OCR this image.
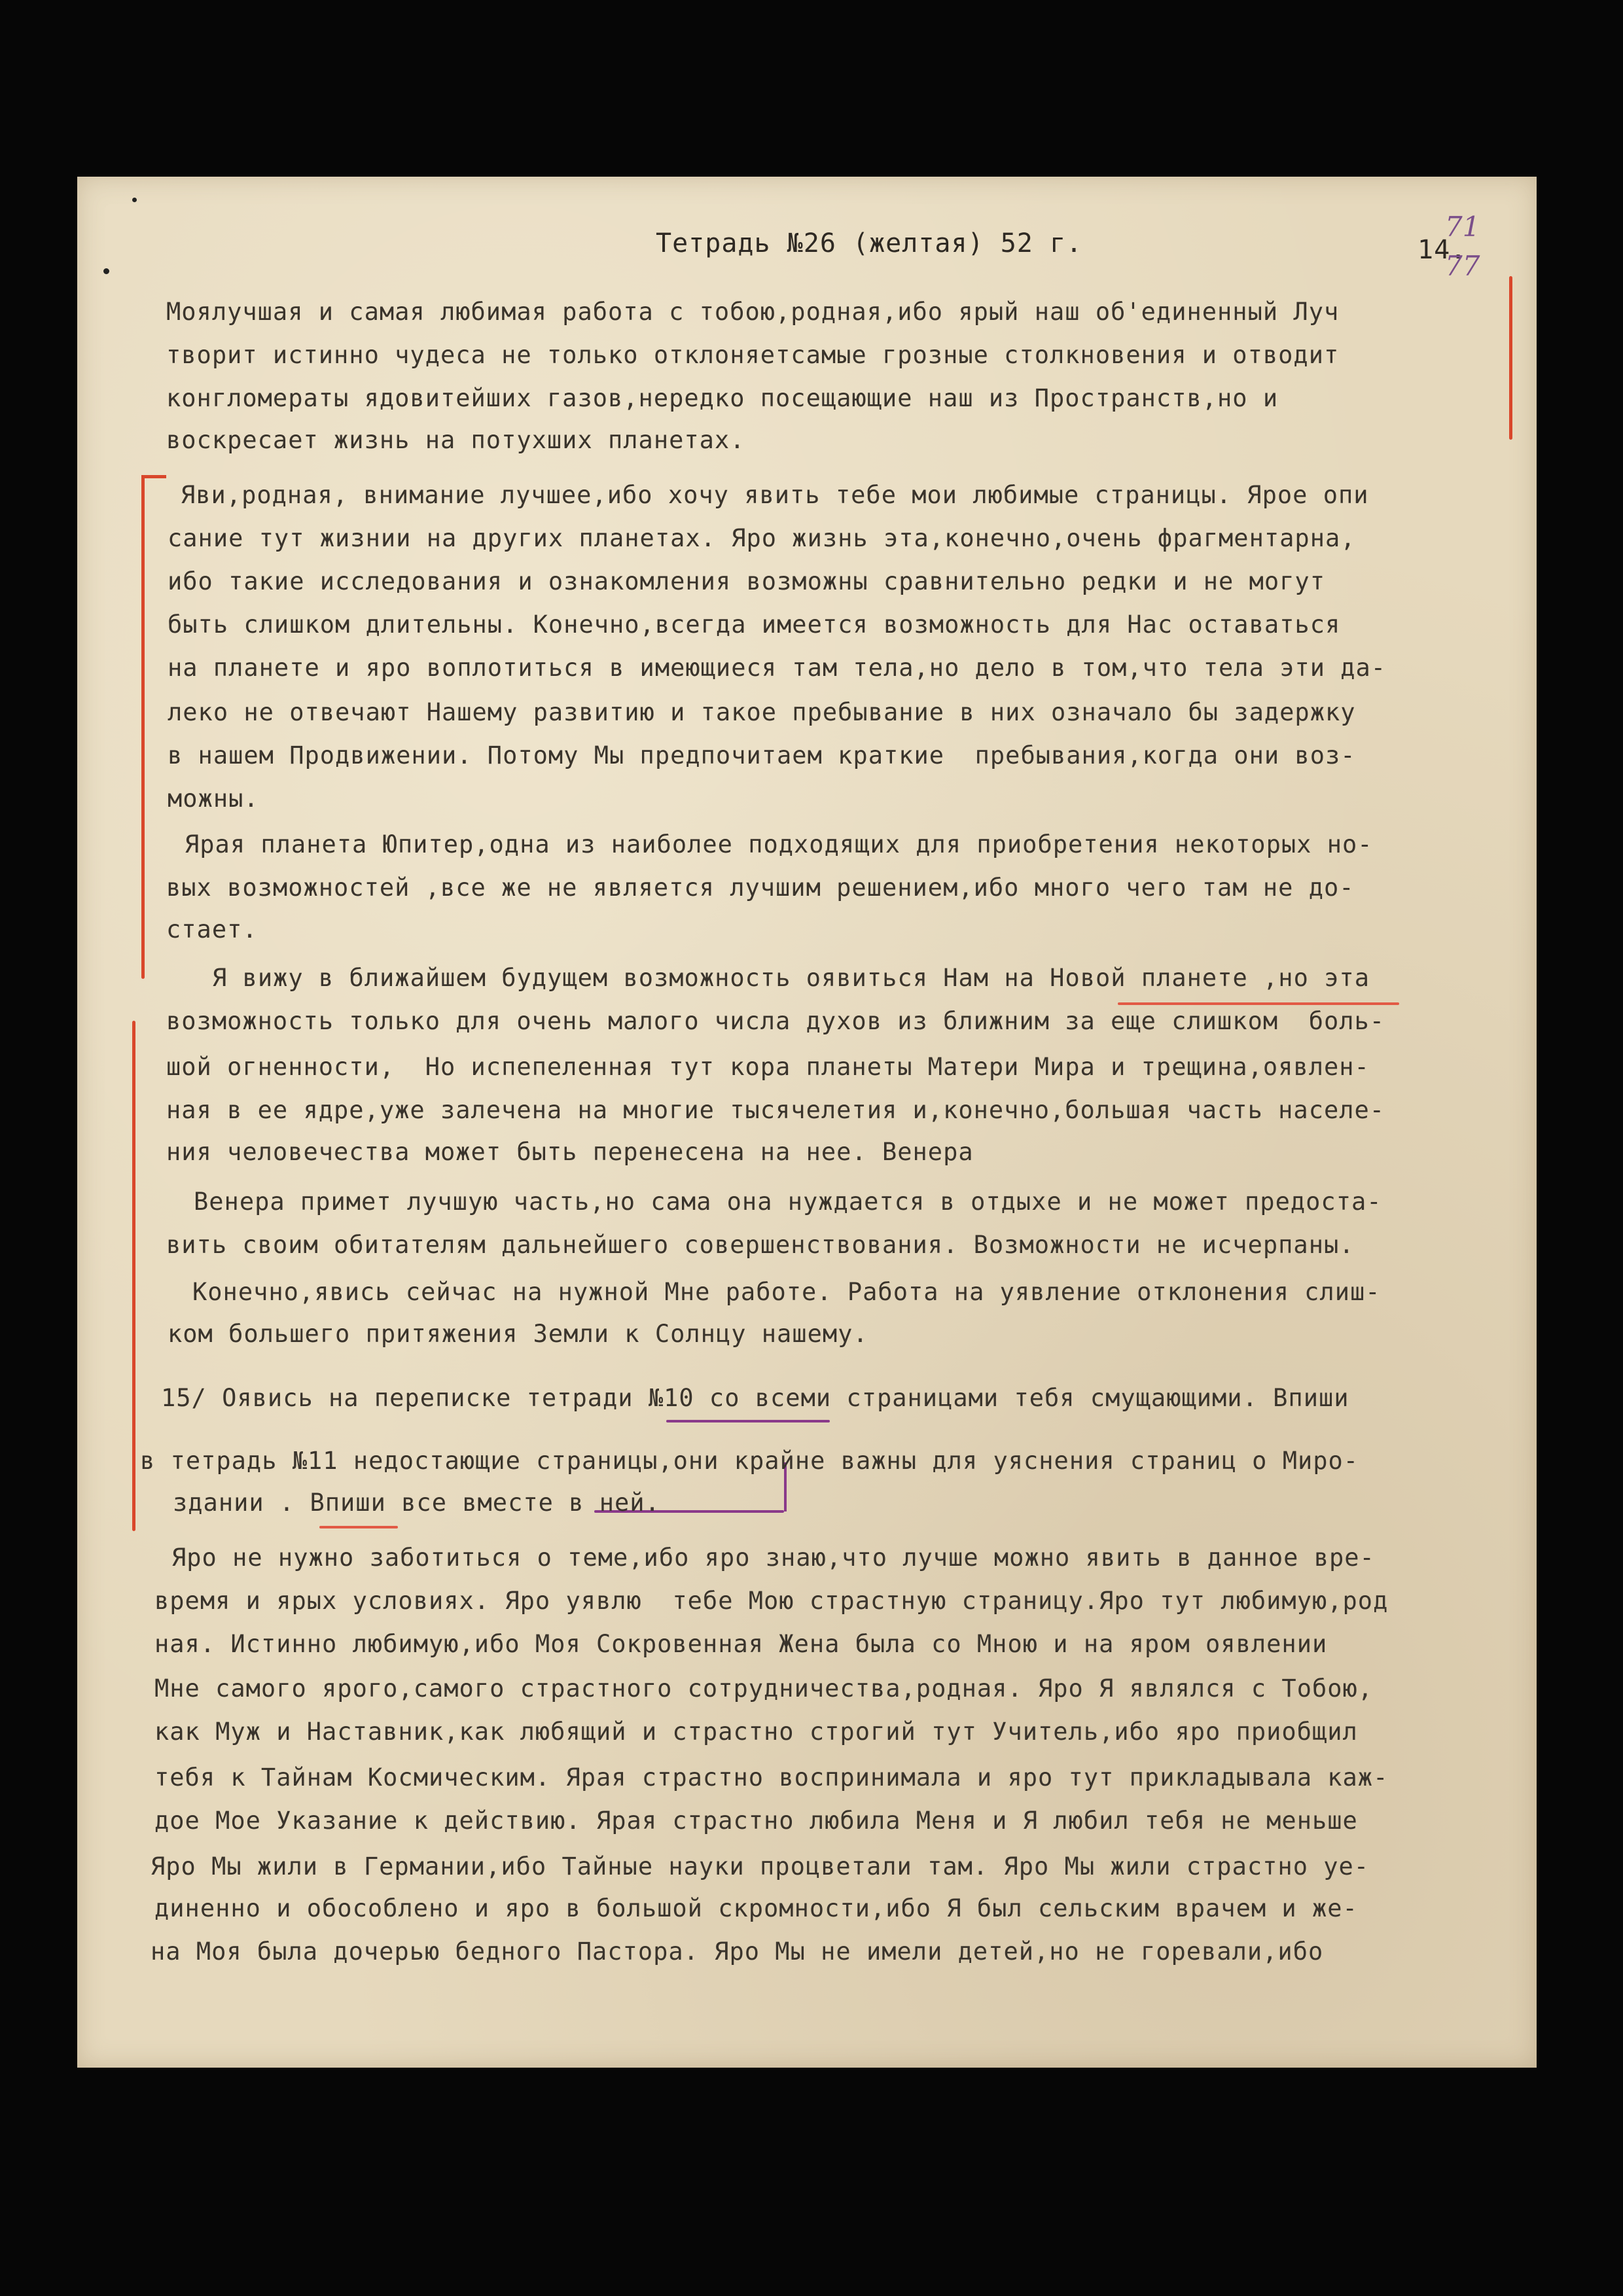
Тетрадь №26 (желтая) 52 г.	14.
71
77
Моялучшая и самая любимая работа с тобою,родная,ибо ярый наш об'единенный Луч
творит истинно чудеса не только отклоняетсамые грозные столкновения и отводит
конгломераты ядовитейших газов,нередко посещающие наш из Пространств,но и
воскресает жизнь на потухших планетах.
Яви,родная, внимание лучшее,ибо хочу явить тебе мои любимые страницы. Ярое опи
сание тут жизнии на других планетах. Яро жизнь эта,конечно,очень фрагментарна,
ибо такие исследования и ознакомления возможны сравнительно редки и не могут
быть слишком длительны. Конечно,всегда имеется возможность для Нас оставаться
на планете и яро воплотиться в имеющиеся там тела,но дело в том,что тела эти да-
леко не отвечают Нашему развитию и такое пребывание в них означало бы задержку
в нашем Продвижении. Потому Мы предпочитаем краткие  пребывания,когда они воз-
можны.
Ярая планета Юпитер,одна из наиболее подходящих для приобретения некоторых но-
вых возможностей ,все же не является лучшим решением,ибо много чего там не до-
стает.
Я вижу в ближайшем будущем возможность оявиться Нам на Новой планете ,но эта
возможность только для очень малого числа духов из ближним за еще слишком  боль-
шой огненности,  Но испепеленная тут кора планеты Матери Мира и трещина,оявлен-
ная в ее ядре,уже залечена на многие тысячелетия и,конечно,большая часть населе-
ния человечества может быть перенесена на нее. Венера
Венера примет лучшую часть,но сама она нуждается в отдыхе и не может предоста-
вить своим обитателям дальнейшего совершенствования. Возможности не исчерпаны.
Конечно,явись сейчас на нужной Мне работе. Работа на уявление отклонения слиш-
ком большего притяжения Земли к Солнцу нашему.
15/ Оявись на переписке тетради №10 со всеми страницами тебя смущающими. Впиши
в тетрадь №11 недостающие страницы,они крайне важны для уяснения страниц о Миро-
здании . Впиши все вместе в ней.
Яро не нужно заботиться о теме,ибо яро знаю,что лучше можно явить в данное вре-
время и ярых условиях. Яро уявлю  тебе Мою страстную страницу.Яро тут любимую,род
ная. Истинно любимую,ибо Моя Сокровенная Жена была со Мною и на яром оявлении
Мне самого ярого,самого страстного сотрудничества,родная. Яро Я являлся с Тобою,
как Муж и Наставник,как любящий и страстно строгий тут Учитель,ибо яро приобщил
тебя к Тайнам Космическим. Ярая страстно воспринимала и яро тут прикладывала каж-
дое Мое Указание к действию. Ярая страстно любила Меня и Я любил тебя не меньше
Яро Мы жили в Германии,ибо Тайные науки процветали там. Яро Мы жили страстно уе-
диненно и обособлено и яро в большой скромности,ибо Я был сельским врачем и же-
на Моя была дочерью бедного Пастора. Яро Мы не имели детей,но не горевали,ибо
